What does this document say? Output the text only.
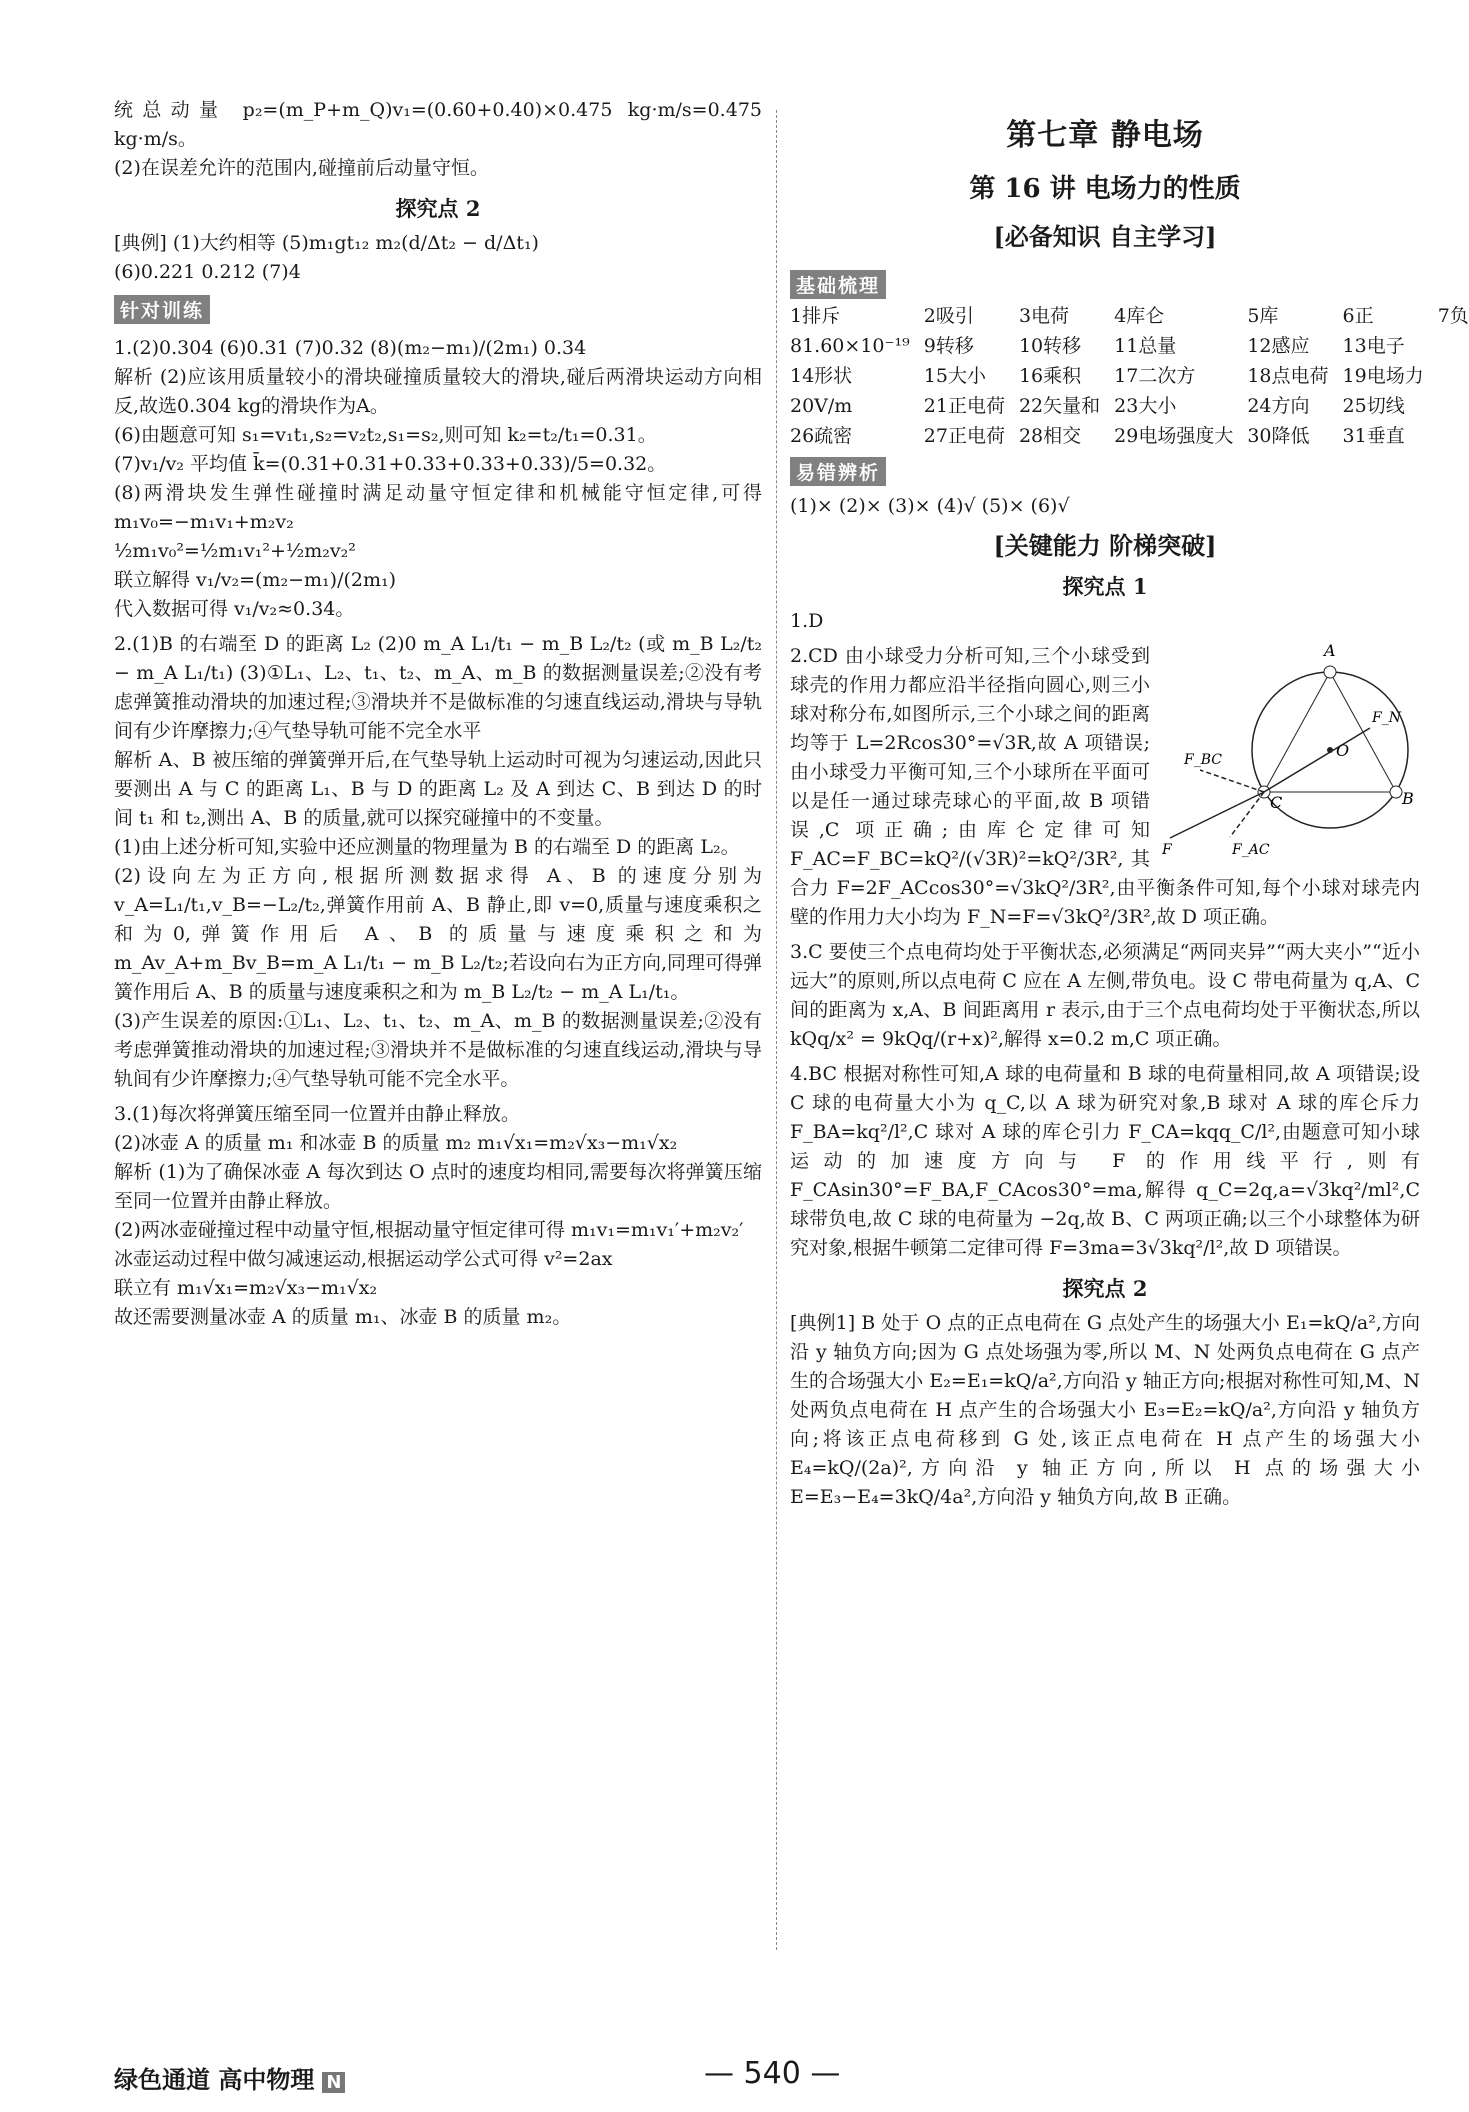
统总动量 p₂=(m_P+m_Q)v₁=(0.60+0.40)×0.475 kg·m/s=0.475 kg·m/s。

(2)在误差允许的范围内,碰撞前后动量守恒。

探究点 2

[典例] (1)大约相等 (5)m₁gt₁₂ m₂(d/Δt₂ − d/Δt₁)

(6)0.221 0.212 (7)4

针对训练

1.(2)0.304 (6)0.31 (7)0.32 (8)(m₂−m₁)/(2m₁) 0.34

解析 (2)应该用质量较小的滑块碰撞质量较大的滑块,碰后两滑块运动方向相反,故选0.304 kg的滑块作为A。

(6)由题意可知 s₁=v₁t₁,s₂=v₂t₂,s₁=s₂,则可知 k₂=t₂/t₁=0.31。

(7)v₁/v₂ 平均值 k̄=(0.31+0.31+0.33+0.33+0.33)/5=0.32。

(8)两滑块发生弹性碰撞时满足动量守恒定律和机械能守恒定律,可得 m₁v₀=−m₁v₁+m₂v₂

½m₁v₀²=½m₁v₁²+½m₂v₂²

联立解得 v₁/v₂=(m₂−m₁)/(2m₁)

代入数据可得 v₁/v₂≈0.34。

2.(1)B 的右端至 D 的距离 L₂ (2)0 m_A L₁/t₁ − m_B L₂/t₂ (或 m_B L₂/t₂ − m_A L₁/t₁) (3)①L₁、L₂、t₁、t₂、m_A、m_B 的数据测量误差;②没有考虑弹簧推动滑块的加速过程;③滑块并不是做标准的匀速直线运动,滑块与导轨间有少许摩擦力;④气垫导轨可能不完全水平

解析 A、B 被压缩的弹簧弹开后,在气垫导轨上运动时可视为匀速运动,因此只要测出 A 与 C 的距离 L₁、B 与 D 的距离 L₂ 及 A 到达 C、B 到达 D 的时间 t₁ 和 t₂,测出 A、B 的质量,就可以探究碰撞中的不变量。

(1)由上述分析可知,实验中还应测量的物理量为 B 的右端至 D 的距离 L₂。

(2)设向左为正方向,根据所测数据求得 A、B 的速度分别为 v_A=L₁/t₁,v_B=−L₂/t₂,弹簧作用前 A、B 静止,即 v=0,质量与速度乘积之和为0,弹簧作用后 A、B 的质量与速度乘积之和为 m_Av_A+m_Bv_B=m_A L₁/t₁ − m_B L₂/t₂;若设向右为正方向,同理可得弹簧作用后 A、B 的质量与速度乘积之和为 m_B L₂/t₂ − m_A L₁/t₁。

(3)产生误差的原因:①L₁、L₂、t₁、t₂、m_A、m_B 的数据测量误差;②没有考虑弹簧推动滑块的加速过程;③滑块并不是做标准的匀速直线运动,滑块与导轨间有少许摩擦力;④气垫导轨可能不完全水平。

3.(1)每次将弹簧压缩至同一位置并由静止释放。

(2)冰壶 A 的质量 m₁ 和冰壶 B 的质量 m₂ m₁√x₁=m₂√x₃−m₁√x₂

解析 (1)为了确保冰壶 A 每次到达 O 点时的速度均相同,需要每次将弹簧压缩至同一位置并由静止释放。

(2)两冰壶碰撞过程中动量守恒,根据动量守恒定律可得 m₁v₁=m₁v₁′+m₂v₂′

冰壶运动过程中做匀减速运动,根据运动学公式可得 v²=2ax

联立有 m₁√x₁=m₂√x₃−m₁√x₂

故还需要测量冰壶 A 的质量 m₁、冰壶 B 的质量 m₂。

第七章 静电场
第 16 讲 电场力的性质
[必备知识 自主学习]
基础梳理
1排斥	2吸引	3电荷	4库仑	5库	6正	7负
81.60×10⁻¹⁹ 9转移	10转移	11总量	12感应	13电子
14形状	15大小	16乘积	17二次方	18点电荷 19电场力
20V/m	21正电荷 22矢量和 23大小	24方向	25切线
26疏密	27正电荷 28相交	29电场强度大 30降低	31垂直
易错辨析
(1)× (2)× (3)× (4)√ (5)× (6)√
[关键能力 阶梯突破]
探究点 1

1.D

A
O
B
C
F_N
F_BC
F	F_AC

2.CD 由小球受力分析可知,三个小球受到球壳的作用力都应沿半径指向圆心,则三小球对称分布,如图所示,三个小球之间的距离均等于 L=2Rcos30°=√3R,故 A 项错误;由小球受力平衡可知,三个小球所在平面可以是任一通过球壳球心的平面,故 B 项错误,C 项正确;由库仑定律可知 F_AC=F_BC=kQ²/(√3R)²=kQ²/3R²,其合力 F=2F_ACcos30°=√3kQ²/3R²,由平衡条件可知,每个小球对球壳内壁的作用力大小均为 F_N=F=√3kQ²/3R²,故 D 项正确。

3.C 要使三个点电荷均处于平衡状态,必须满足“两同夹异”“两大夹小”“近小远大”的原则,所以点电荷 C 应在 A 左侧,带负电。设 C 带电荷量为 q,A、C 间的距离为 x,A、B 间距离用 r 表示,由于三个点电荷均处于平衡状态,所以 kQq/x² = 9kQq/(r+x)²,解得 x=0.2 m,C 项正确。

4.BC 根据对称性可知,A 球的电荷量和 B 球的电荷量相同,故 A 项错误;设 C 球的电荷量大小为 q_C,以 A 球为研究对象,B 球对 A 球的库仑斥力 F_BA=kq²/l²,C 球对 A 球的库仑引力 F_CA=kqq_C/l²,由题意可知小球运动的加速度方向与 F 的作用线平行,则有 F_CAsin30°=F_BA,F_CAcos30°=ma,解得 q_C=2q,a=√3kq²/ml²,C 球带负电,故 C 球的电荷量为 −2q,故 B、C 两项正确;以三个小球整体为研究对象,根据牛顿第二定律可得 F=3ma=3√3kq²/l²,故 D 项错误。

探究点 2

[典例1] B 处于 O 点的正点电荷在 G 点处产生的场强大小 E₁=kQ/a²,方向沿 y 轴负方向;因为 G 点处场强为零,所以 M、N 处两负点电荷在 G 点产生的合场强大小 E₂=E₁=kQ/a²,方向沿 y 轴正方向;根据对称性可知,M、N 处两负点电荷在 H 点产生的合场强大小 E₃=E₂=kQ/a²,方向沿 y 轴负方向;将该正点电荷移到 G 处,该正点电荷在 H 点产生的场强大小 E₄=kQ/(2a)²,方向沿 y 轴正方向,所以 H 点的场强大小 E=E₃−E₄=3kQ/4a²,方向沿 y 轴负方向,故 B 正确。

绿色通道 高中物理 N	— 540 —
